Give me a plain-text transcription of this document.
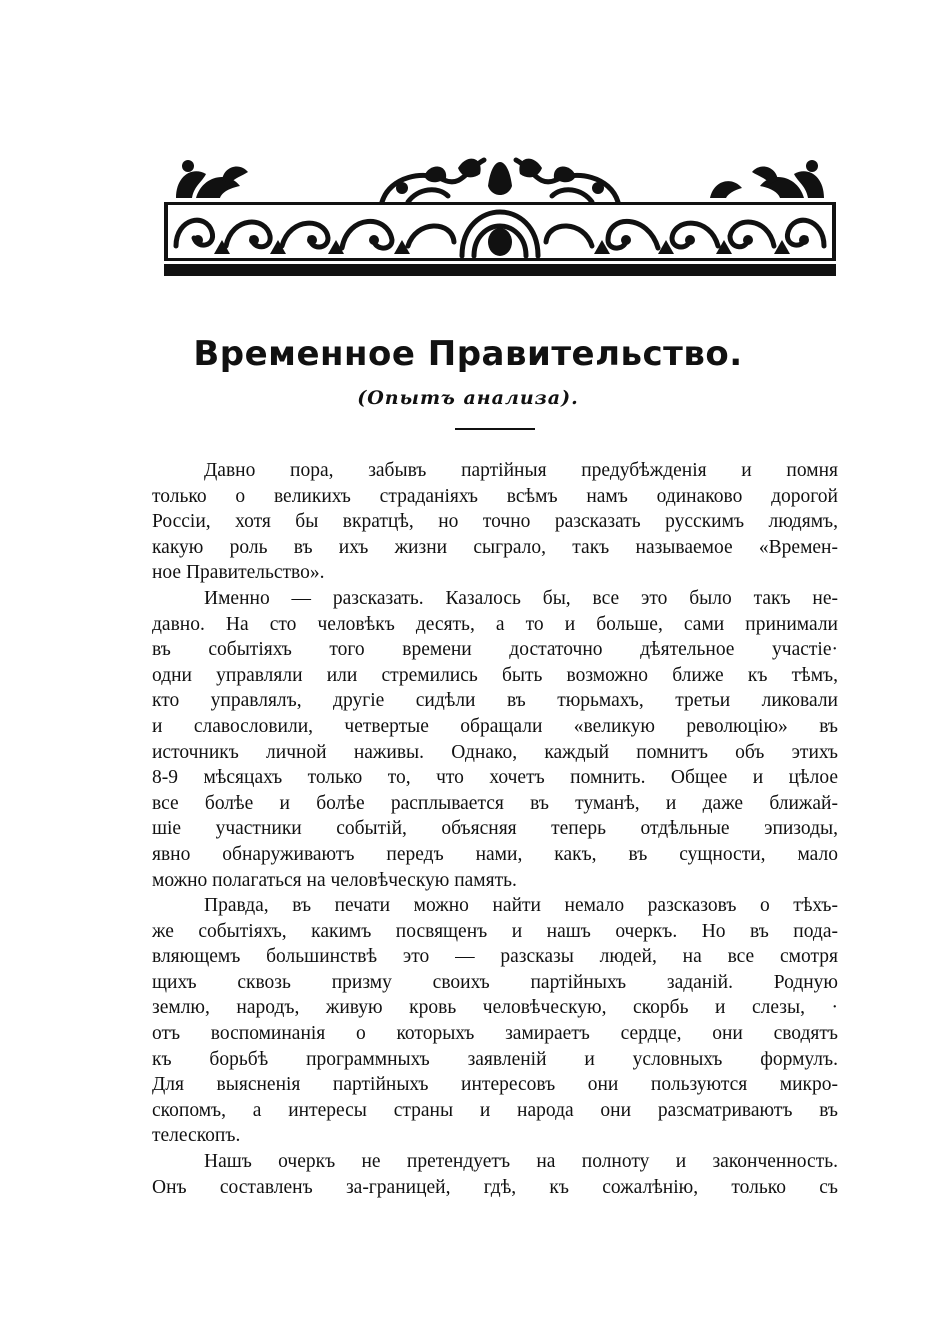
Временное Правительство.

(Опытъ анализа).

Давно пора, забывъ партійныя предубѣжденія и помня
только о великихъ страданіяхъ всѣмъ намъ одинаково дорогой
Россіи, хотя бы вкратцѣ, но точно разсказать русскимъ людямъ,
какую роль въ ихъ жизни сыграло, такъ называемое «Времен-
ное Правительство».
Именно — разсказать. Казалось бы, все это было такъ не-
давно. На сто человѣкъ десять, а то и больше, сами принимали
въ событіяхъ того времени достаточно дѣятельное участіе·
одни управляли или стремились быть возможно ближе къ тѣмъ,
кто управлялъ, другіе сидѣли въ тюрьмахъ, третьи ликовали
и славословили, четвертые обращали «великую революцію» въ
источникъ личной наживы. Однако, каждый помнитъ объ этихъ
8-9 мѣсяцахъ только то, что хочетъ помнить. Общее и цѣлое
все болѣе и болѣе расплывается въ туманѣ, и даже ближай-
шіе участники событій, объясняя теперь отдѣльные эпизоды,
явно обнаруживаютъ передъ нами, какъ, въ сущности, мало
можно полагаться на человѣческую память.
Правда, въ печати можно найти немало разсказовъ о тѣхъ-
же событіяхъ, какимъ посвященъ и нашъ очеркъ. Но въ пода-
вляющемъ большинствѣ это — разсказы людей, на все смотря
щихъ сквозь призму своихъ партійныхъ заданій. Родную
землю, народъ, живую кровь человѣческую, скорбь и слезы, ·
отъ воспоминанія о которыхъ замираетъ сердце, они сводятъ
къ борьбѣ программныхъ заявленій и условныхъ формулъ.
Для выясненія партійныхъ интересовъ они пользуются микро-
скопомъ, а интересы страны и народа они разсматриваютъ въ
телескопъ.
Нашъ очеркъ не претендуетъ на полноту и законченность.
Онъ составленъ за-границей, гдѣ, къ сожалѣнію, только съ
